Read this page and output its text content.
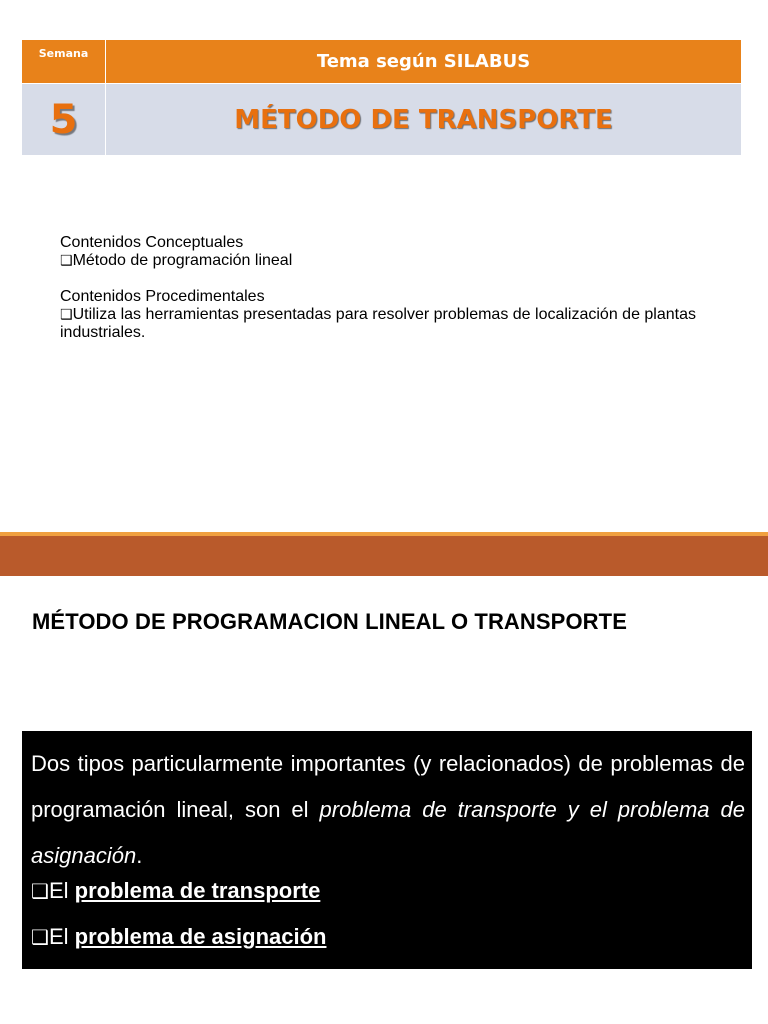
Semana	Tema según SILABUS
5	MÉTODO DE TRANSPORTE

Contenidos Conceptuales

❑Método de programación lineal

Contenidos Procedimentales

❑Utiliza las herramientas presentadas para resolver problemas de localización de plantas industriales.

MÉTODO DE PROGRAMACION LINEAL O TRANSPORTE

Dos tipos particularmente importantes (y relacionados) de problemas de programación lineal, son el problema de transporte y el problema de asignación.

❑El problema de transporte

❑El problema de asignación
